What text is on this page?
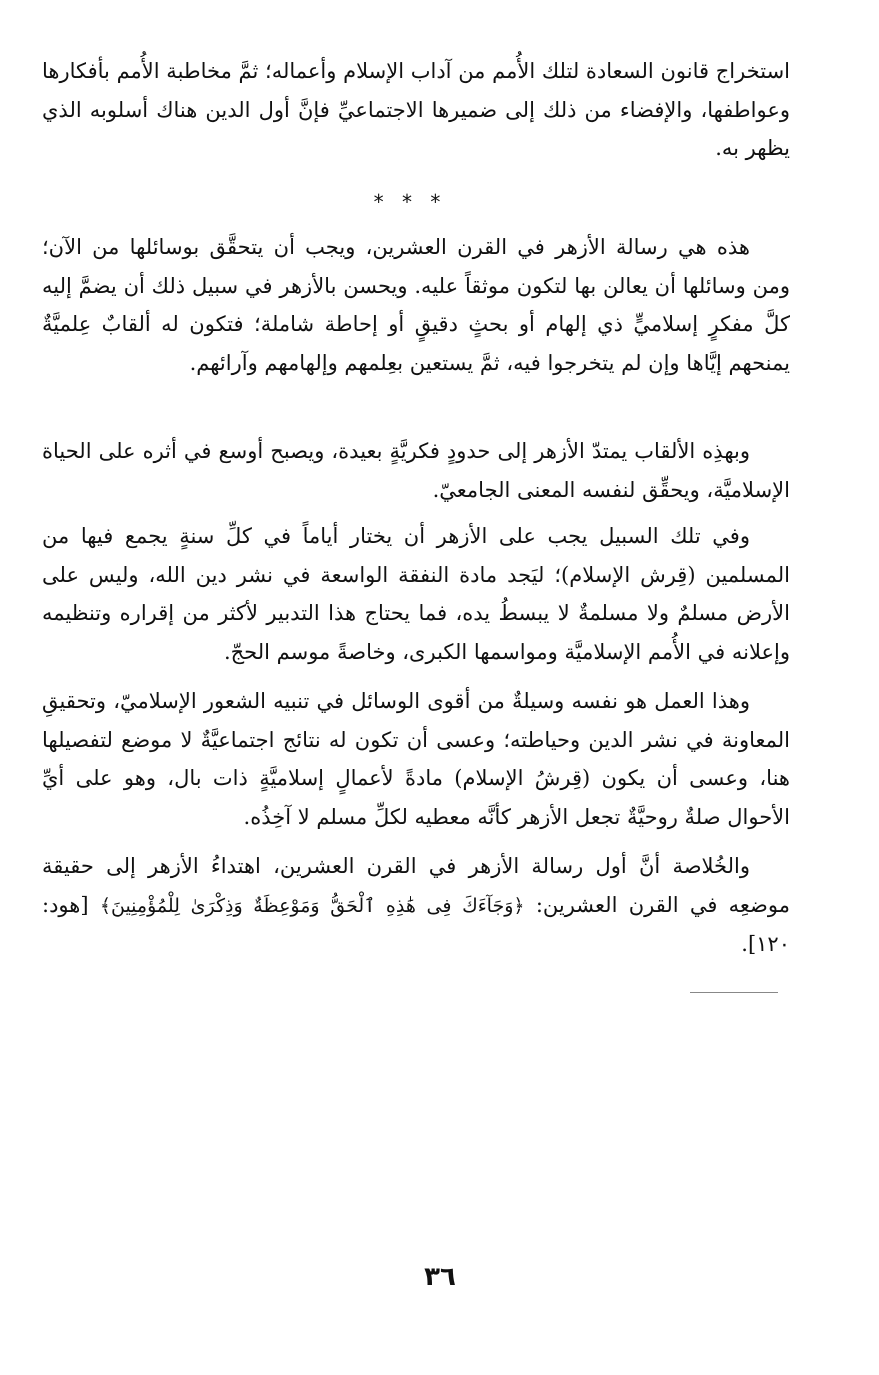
استخراج قانون السعادة لتلك الأُمم من آداب الإسلام وأعماله؛ ثمَّ مخاطبة الأُمم بأفكارها وعواطفها، والإفضاء من ذلك إلى ضميرها الاجتماعيِّ فإنَّ أول الدين هناك أسلوبه الذي يظهر به.

* * *

هذه هي رسالة الأزهر في القرن العشرين، ويجب أن يتحقَّق بوسائلها من الآن؛ ومن وسائلها أن يعالن بها لتكون موثقاً عليه. ويحسن بالأزهر في سبيل ذلك أن يضمَّ إليه كلَّ مفكرٍ إسلاميٍّ ذي إلهام أو بحثٍ دقيقٍ أو إحاطة شاملة؛ فتكون له ألقابٌ عِلميَّةٌ يمنحهم إيَّاها وإن لم يتخرجوا فيه، ثمَّ يستعين بعِلمهم وإلهامهم وآرائهم.

وبهذِه الألقاب يمتدّ الأزهر إلى حدودٍ فكريَّةٍ بعيدة، ويصبح أوسع في أثره على الحياة الإسلاميَّة، ويحقِّق لنفسه المعنى الجامعيّ.

وفي تلك السبيل يجب على الأزهر أن يختار أياماً في كلِّ سنةٍ يجمع فيها من المسلمين (قِرش الإسلام)؛ ليَجد مادة النفقة الواسعة في نشر دين الله، وليس على الأرض مسلمٌ ولا مسلمةٌ لا يبسطُ يده، فما يحتاج هذا التدبير لأكثر من إقراره وتنظيمه وإعلانه في الأُمم الإسلاميَّة ومواسمها الكبرى، وخاصةً موسم الحجّ.

وهذا العمل هو نفسه وسيلةٌ من أقوى الوسائل في تنبيه الشعور الإسلاميّ، وتحقيقِ المعاونة في نشر الدين وحياطته؛ وعسى أن تكون له نتائج اجتماعيَّةٌ لا موضع لتفصيلها هنا، وعسى أن يكون (قِرشُ الإسلام) مادةً لأعمالٍ إسلاميَّةٍ ذات بال، وهو على أيِّ الأحوال صلةٌ روحيَّةٌ تجعل الأزهر كأنَّه معطيه لكلِّ مسلم لا آخِذُه.

والخُلاصة أنَّ أول رسالة الأزهر في القرن العشرين، اهتداءُ الأزهر إلى حقيقة موضعِه في القرن العشرين: ﴿وَجَآءَكَ فِى هَٰذِهِ ٱلْحَقُّ وَمَوْعِظَةٌ وَذِكْرَىٰ لِلْمُؤْمِنِينَ﴾ [هود: ١٢٠].

٣٦
